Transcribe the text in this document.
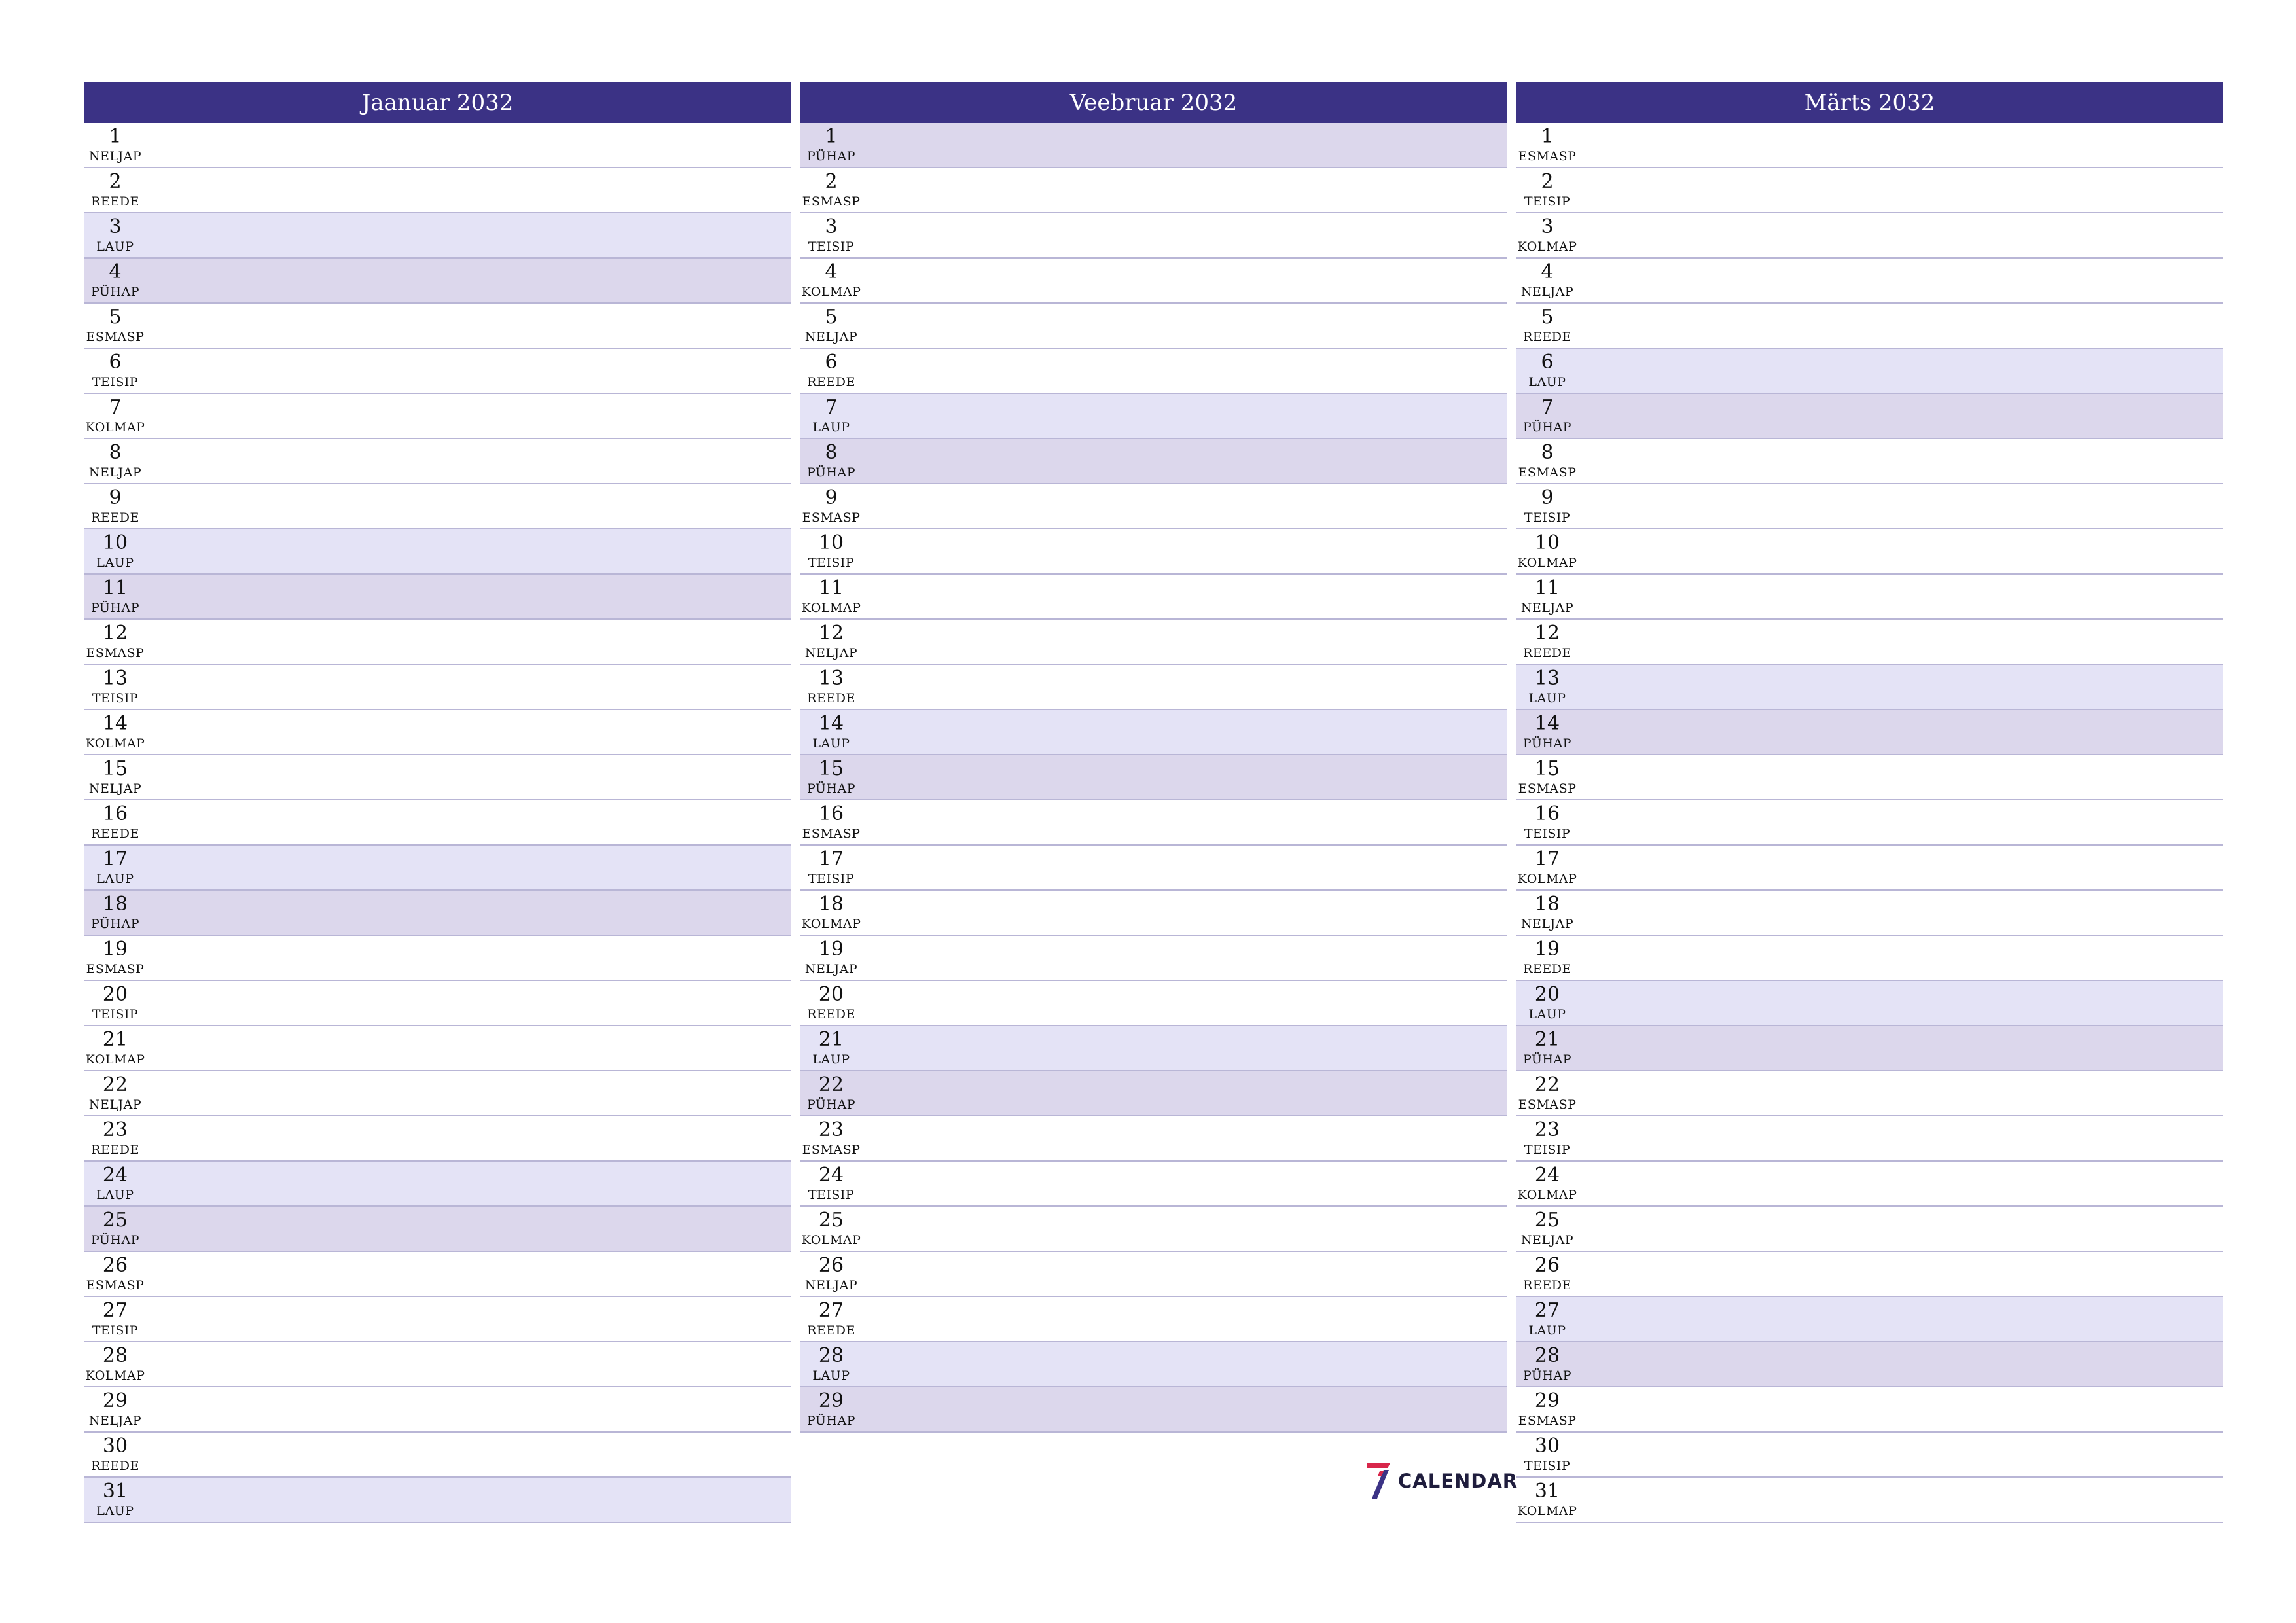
Jaanuar 2032
1
NELJAP
2
REEDE
3
LAUP
4
PÜHAP
5
ESMASP
6
TEISIP
7
KOLMAP
8
NELJAP
9
REEDE
10
LAUP
11
PÜHAP
12
ESMASP
13
TEISIP
14
KOLMAP
15
NELJAP
16
REEDE
17
LAUP
18
PÜHAP
19
ESMASP
20
TEISIP
21
KOLMAP
22
NELJAP
23
REEDE
24
LAUP
25
PÜHAP
26
ESMASP
27
TEISIP
28
KOLMAP
29
NELJAP
30
REEDE
31
LAUP
Veebruar 2032
1
PÜHAP
2
ESMASP
3
TEISIP
4
KOLMAP
5
NELJAP
6
REEDE
7
LAUP
8
PÜHAP
9
ESMASP
10
TEISIP
11
KOLMAP
12
NELJAP
13
REEDE
14
LAUP
15
PÜHAP
16
ESMASP
17
TEISIP
18
KOLMAP
19
NELJAP
20
REEDE
21
LAUP
22
PÜHAP
23
ESMASP
24
TEISIP
25
KOLMAP
26
NELJAP
27
REEDE
28
LAUP
29
PÜHAP
Märts 2032
1
ESMASP
2
TEISIP
3
KOLMAP
4
NELJAP
5
REEDE
6
LAUP
7
PÜHAP
8
ESMASP
9
TEISIP
10
KOLMAP
11
NELJAP
12
REEDE
13
LAUP
14
PÜHAP
15
ESMASP
16
TEISIP
17
KOLMAP
18
NELJAP
19
REEDE
20
LAUP
21
PÜHAP
22
ESMASP
23
TEISIP
24
KOLMAP
25
NELJAP
26
REEDE
27
LAUP
28
PÜHAP
29
ESMASP
30
TEISIP
31
KOLMAP
CALENDAR
